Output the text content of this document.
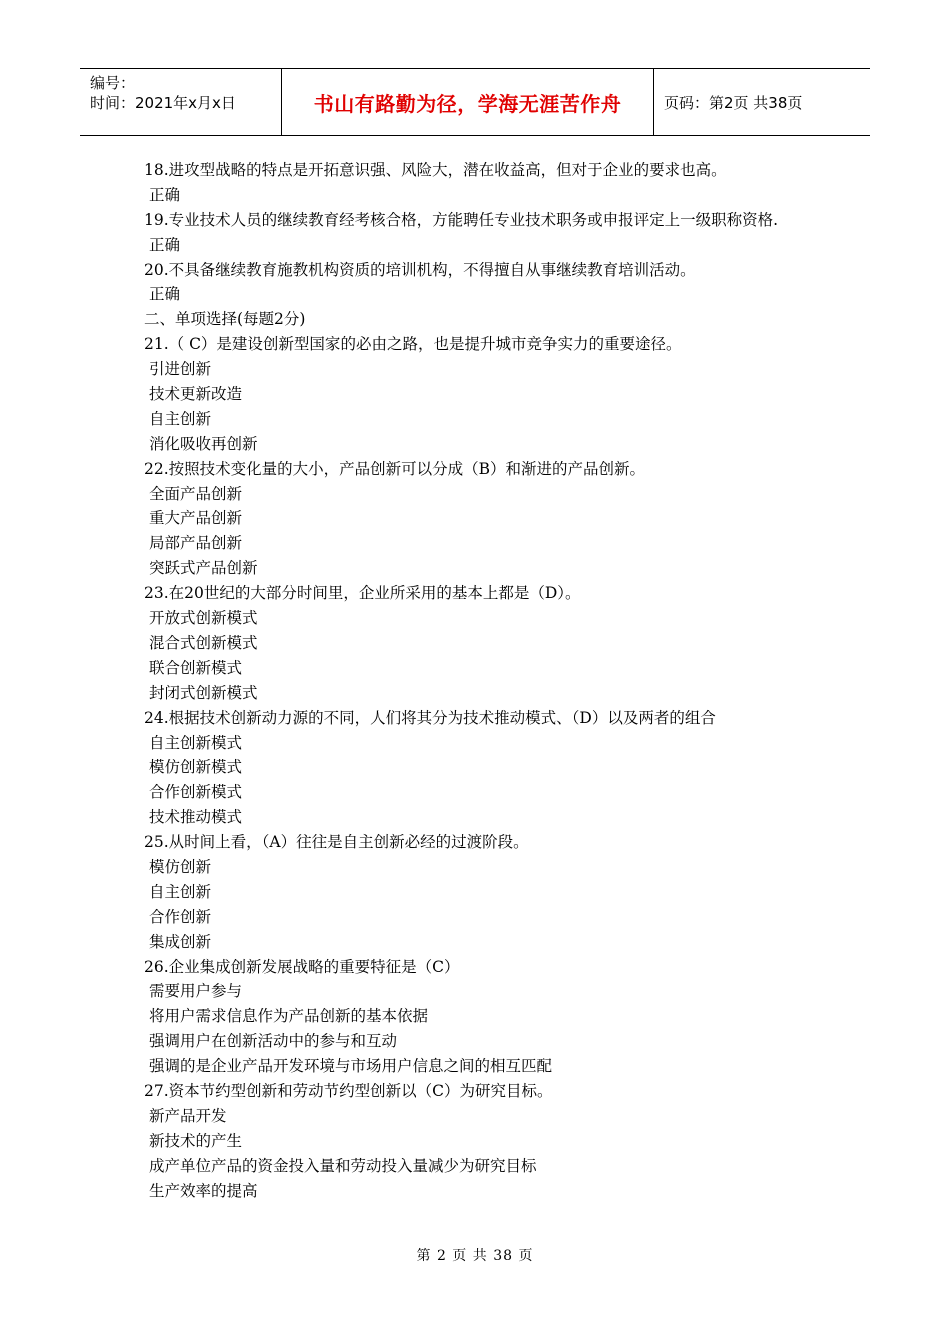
编号：
时间：2021年x月x日	书山有路勤为径，学海无涯苦作舟	页码：第2页 共38页
18.进攻型战略的特点是开拓意识强、风险大，潜在收益高，但对于企业的要求也高。
正确
19.专业技术人员的继续教育经考核合格，方能聘任专业技术职务或申报评定上一级职称资格.
正确
20.不具备继续教育施教机构资质的培训机构，不得擅自从事继续教育培训活动。
正确
二、单项选择(每题2分)
21.（ C）是建设创新型国家的必由之路，也是提升城市竞争实力的重要途径。
引进创新
技术更新改造
自主创新
消化吸收再创新
22.按照技术变化量的大小，产品创新可以分成（B）和渐进的产品创新。
全面产品创新
重大产品创新
局部产品创新
突跃式产品创新
23.在20世纪的大部分时间里，企业所采用的基本上都是（D）。
开放式创新模式
混合式创新模式
联合创新模式
封闭式创新模式
24.根据技术创新动力源的不同，人们将其分为技术推动模式、（D）以及两者的组合
自主创新模式
模仿创新模式
合作创新模式
技术推动模式
25.从时间上看，（A）往往是自主创新必经的过渡阶段。
模仿创新
自主创新
合作创新
集成创新
26.企业集成创新发展战略的重要特征是（C）
需要用户参与
将用户需求信息作为产品创新的基本依据
强调用户在创新活动中的参与和互动
强调的是企业产品开发环境与市场用户信息之间的相互匹配
27.资本节约型创新和劳动节约型创新以（C）为研究目标。
新产品开发
新技术的产生
成产单位产品的资金投入量和劳动投入量减少为研究目标
生产效率的提高
第 2 页 共 38 页
